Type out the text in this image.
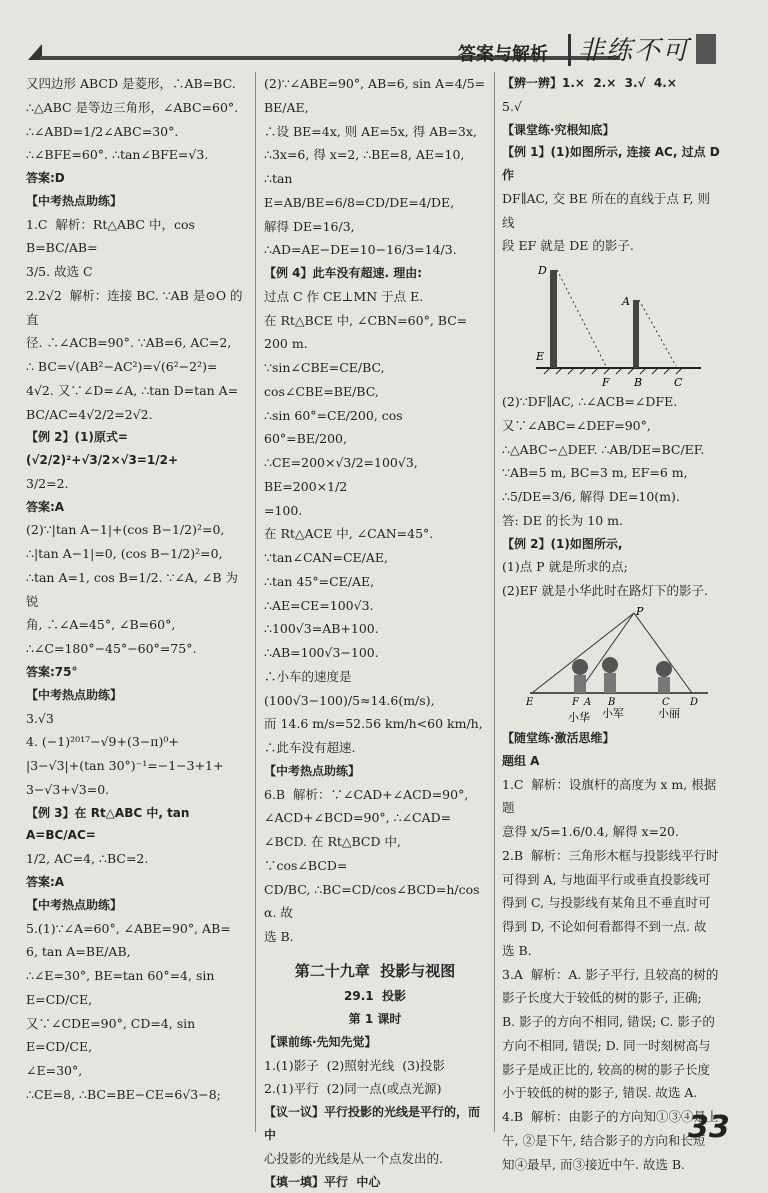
答案与解析 非练不可

又四边形 ABCD 是菱形，∴AB=BC.

∴△ABC 是等边三角形，∠ABC=60°.

∴∠ABD=1/2∠ABC=30°.

∴∠BFE=60°. ∴tan∠BFE=√3.

答案:D

【中考热点助练】

1.C  解析：Rt△ABC 中，cos B=BC/AB=

3/5. 故选 C

2.2√2  解析：连接 BC. ∵AB 是⊙O 的直

径. ∴∠ACB=90°. ∵AB=6, AC=2,

∴ BC=√(AB²−AC²)=√(6²−2²)=

4√2. 又∵∠D=∠A, ∴tan D=tan A=

BC/AC=4√2/2=2√2.

【例 2】(1)原式=(√2/2)²+√3/2×√3=1/2+

3/2=2.

答案:A

(2)∵|tan A−1|+(cos B−1/2)²=0,

∴|tan A−1|=0, (cos B−1/2)²=0,

∴tan A=1, cos B=1/2. ∵∠A, ∠B 为锐

角, ∴∠A=45°, ∠B=60°,

∴∠C=180°−45°−60°=75°.

答案:75°

【中考热点助练】

3.√3

4. (−1)²⁰¹⁷−√9+(3−π)⁰+

|3−√3|+(tan 30°)⁻¹=−1−3+1+

3−√3+√3=0.

【例 3】在 Rt△ABC 中, tan A=BC/AC=

1/2, AC=4, ∴BC=2.

答案:A

【中考热点助练】

5.(1)∵∠A=60°, ∠ABE=90°, AB=

6, tan A=BE/AB,

∴∠E=30°, BE=tan 60°=4, sin E=CD/CE,

又∵∠CDE=90°, CD=4, sin E=CD/CE,

∠E=30°,

∴CE=8, ∴BC=BE−CE=6√3−8;

(2)∵∠ABE=90°, AB=6, sin A=4/5=

BE/AE,

∴设 BE=4x, 则 AE=5x, 得 AB=3x,

∴3x=6, 得 x=2, ∴BE=8, AE=10,

∴tan E=AB/BE=6/8=CD/DE=4/DE,

解得 DE=16/3,

∴AD=AE−DE=10−16/3=14/3.

【例 4】此车没有超速. 理由:

过点 C 作 CE⊥MN 于点 E.

在 Rt△BCE 中, ∠CBN=60°, BC=

200 m.

∵sin∠CBE=CE/BC, cos∠CBE=BE/BC,

∴sin 60°=CE/200, cos 60°=BE/200,

∴CE=200×√3/2=100√3, BE=200×1/2

=100.

在 Rt△ACE 中, ∠CAN=45°.

∵tan∠CAN=CE/AE,

∴tan 45°=CE/AE, ∴AE=CE=100√3.

∴100√3=AB+100.

∴AB=100√3−100.

∴小车的速度是(100√3−100)/5≈14.6(m/s),

而 14.6 m/s=52.56 km/h<60 km/h,

∴此车没有超速.

【中考热点助练】

6.B  解析：∵∠CAD+∠ACD=90°,

∠ACD+∠BCD=90°, ∴∠CAD=

∠BCD. 在 Rt△BCD 中, ∵cos∠BCD=

CD/BC, ∴BC=CD/cos∠BCD=h/cos α. 故

选 B.

第二十九章  投影与视图

29.1  投影

第 1 课时

【课前练·先知先觉】

1.(1)影子  (2)照射光线  (3)投影

2.(1)平行  (2)同一点(或点光源)

【议一议】平行投影的光线是平行的，而中

心投影的光线是从一个点发出的.

【填一填】平行  中心

【辨一辨】1.×  2.×  3.√  4.×

5.√

【课堂练·究根知底】

【例 1】(1)如图所示, 连接 AC, 过点 D 作

DF∥AC, 交 BE 所在的直线于点 F, 则线

段 EF 就是 DE 的影子.

D
A
E
F B	C

(2)∵DF∥AC, ∴∠ACB=∠DFE.

又∵∠ABC=∠DEF=90°,

∴△ABC∽△DEF. ∴AB/DE=BC/EF.

∵AB=5 m, BC=3 m, EF=6 m,

∴5/DE=3/6, 解得 DE=10(m).

答: DE 的长为 10 m.

【例 2】(1)如图所示,

(1)点 P 就是所求的点;

(2)EF 就是小华此时在路灯下的影子.

P
E	F A B	C D
小华 小军	小丽

【随堂练·激活思维】

题组 A

1.C  解析：设旗杆的高度为 x m, 根据题

意得 x/5=1.6/0.4, 解得 x=20.

2.B  解析：三角形木框与投影线平行时

可得到 A, 与地面平行或垂直投影线可

得到 C, 与投影线有某角且不垂直时可

得到 D, 不论如何看都得不到一点. 故

选 B.

3.A  解析：A. 影子平行, 且较高的树的

影子长度大于较低的树的影子, 正确;

B. 影子的方向不相同, 错误; C. 影子的

方向不相同, 错误; D. 同一时刻树高与

影子是成正比的, 较高的树的影子长度

小于较低的树的影子, 错误. 故选 A.

4.B  解析：由影子的方向知①③④是上

午, ②是下午, 结合影子的方向和长短

知④最早, 而③接近中午. 故选 B.

33
